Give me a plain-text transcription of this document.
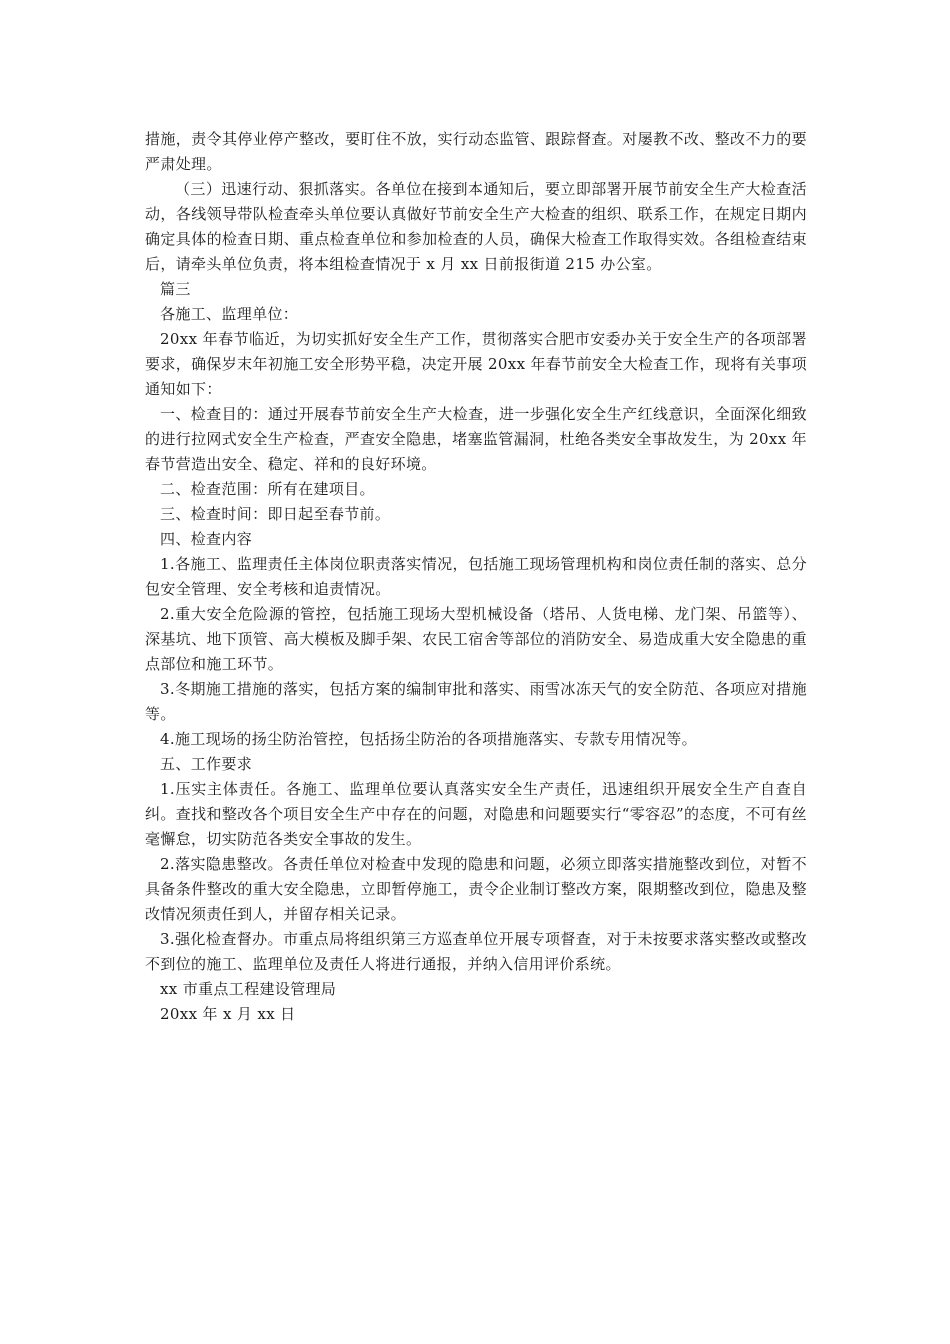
措施，责令其停业停产整改，要盯住不放，实行动态监管、跟踪督查。对屡教不改、整改不力的要严肃处理。

（三）迅速行动、狠抓落实。各单位在接到本通知后，要立即部署开展节前安全生产大检查活动，各线领导带队检查牵头单位要认真做好节前安全生产大检查的组织、联系工作，在规定日期内确定具体的检查日期、重点检查单位和参加检查的人员，确保大检查工作取得实效。各组检查结束后，请牵头单位负责，将本组检查情况于 x 月 xx 日前报街道 215 办公室。

篇三

各施工、监理单位：

20xx 年春节临近，为切实抓好安全生产工作，贯彻落实合肥市安委办关于安全生产的各项部署要求，确保岁末年初施工安全形势平稳，决定开展 20xx 年春节前安全大检查工作，现将有关事项通知如下：

一、检查目的：通过开展春节前安全生产大检查，进一步强化安全生产红线意识，全面深化细致的进行拉网式安全生产检查，严查安全隐患，堵塞监管漏洞，杜绝各类安全事故发生，为 20xx 年春节营造出安全、稳定、祥和的良好环境。

二、检查范围：所有在建项目。

三、检查时间：即日起至春节前。

四、检查内容

1.各施工、监理责任主体岗位职责落实情况，包括施工现场管理机构和岗位责任制的落实、总分包安全管理、安全考核和追责情况。

2.重大安全危险源的管控，包括施工现场大型机械设备（塔吊、人货电梯、龙门架、吊篮等）、深基坑、地下顶管、高大模板及脚手架、农民工宿舍等部位的消防安全、易造成重大安全隐患的重点部位和施工环节。

3.冬期施工措施的落实，包括方案的编制审批和落实、雨雪冰冻天气的安全防范、各项应对措施等。

4.施工现场的扬尘防治管控，包括扬尘防治的各项措施落实、专款专用情况等。

五、工作要求

1.压实主体责任。各施工、监理单位要认真落实安全生产责任，迅速组织开展安全生产自查自纠。查找和整改各个项目安全生产中存在的问题，对隐患和问题要实行“零容忍”的态度，不可有丝毫懈怠，切实防范各类安全事故的发生。

2.落实隐患整改。各责任单位对检查中发现的隐患和问题，必须立即落实措施整改到位，对暂不具备条件整改的重大安全隐患，立即暂停施工，责令企业制订整改方案，限期整改到位，隐患及整改情况须责任到人，并留存相关记录。

3.强化检查督办。市重点局将组织第三方巡查单位开展专项督查，对于未按要求落实整改或整改不到位的施工、监理单位及责任人将进行通报，并纳入信用评价系统。

xx 市重点工程建设管理局

20xx 年 x 月 xx 日
